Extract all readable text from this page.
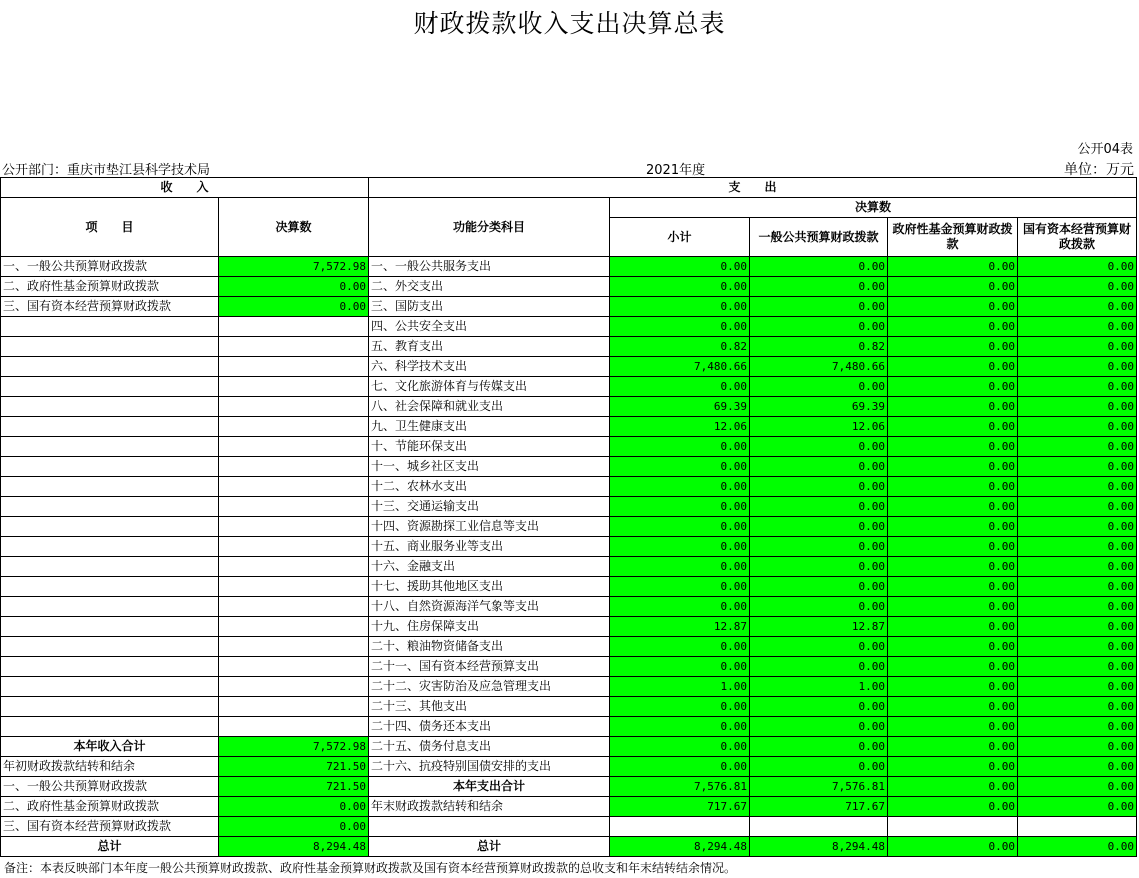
财政拨款收入支出决算总表
公开04表
公开部门：重庆市垫江县科学技术局	2021年度	单位：万元
收　　入		支　　出				
项　　目	决算数	功能分类科目	决算数			
			小计	一般公共预算财政拨款	政府性基金预算财政拨款	国有资本经营预算财政拨款
一、一般公共预算财政拨款	7,572.98	一、一般公共服务支出	0.00	0.00	0.00	0.00
二、政府性基金预算财政拨款	0.00	二、外交支出	0.00	0.00	0.00	0.00
三、国有资本经营预算财政拨款	0.00	三、国防支出	0.00	0.00	0.00	0.00
		四、公共安全支出	0.00	0.00	0.00	0.00
		五、教育支出	0.82	0.82	0.00	0.00
		六、科学技术支出	7,480.66	7,480.66	0.00	0.00
		七、文化旅游体育与传媒支出	0.00	0.00	0.00	0.00
		八、社会保障和就业支出	69.39	69.39	0.00	0.00
		九、卫生健康支出	12.06	12.06	0.00	0.00
		十、节能环保支出	0.00	0.00	0.00	0.00
		十一、城乡社区支出	0.00	0.00	0.00	0.00
		十二、农林水支出	0.00	0.00	0.00	0.00
		十三、交通运输支出	0.00	0.00	0.00	0.00
		十四、资源勘探工业信息等支出	0.00	0.00	0.00	0.00
		十五、商业服务业等支出	0.00	0.00	0.00	0.00
		十六、金融支出	0.00	0.00	0.00	0.00
		十七、援助其他地区支出	0.00	0.00	0.00	0.00
		十八、自然资源海洋气象等支出	0.00	0.00	0.00	0.00
		十九、住房保障支出	12.87	12.87	0.00	0.00
		二十、粮油物资储备支出	0.00	0.00	0.00	0.00
		二十一、国有资本经营预算支出	0.00	0.00	0.00	0.00
		二十二、灾害防治及应急管理支出	1.00	1.00	0.00	0.00
		二十三、其他支出	0.00	0.00	0.00	0.00
		二十四、债务还本支出	0.00	0.00	0.00	0.00
本年收入合计	7,572.98	二十五、债务付息支出	0.00	0.00	0.00	0.00
年初财政拨款结转和结余	721.50	二十六、抗疫特别国债安排的支出	0.00	0.00	0.00	0.00
一、一般公共预算财政拨款	721.50	本年支出合计	7,576.81	7,576.81	0.00	0.00
二、政府性基金预算财政拨款	0.00	年末财政拨款结转和结余	717.67	717.67	0.00	0.00
三、国有资本经营预算财政拨款	0.00					
总计	8,294.48	总计	8,294.48	8,294.48	0.00	0.00
备注：本表反映部门本年度一般公共预算财政拨款、政府性基金预算财政拨款及国有资本经营预算财政拨款的总收支和年末结转结余情况。
